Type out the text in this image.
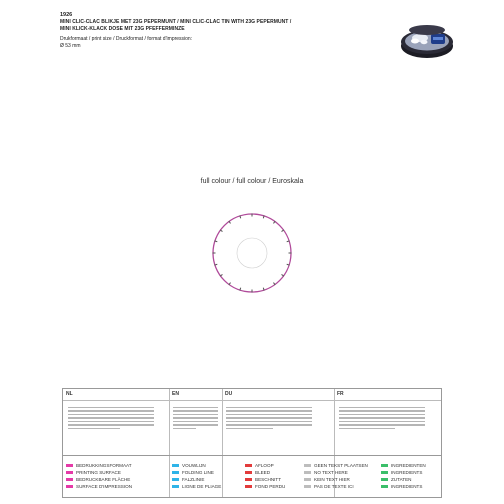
1926
MINI CLIC-CLAC BLIKJE MET 23G PEPERMUNT / MINI CLIC-CLAC TIN WITH 23G PEPERMUNT /
MINI KLICK-KLACK DOSE MIT 23G PFEFFERMINZE
Drukformaat / print size / Druckformat / format d'impression:
Ø 53 mm
full colour / full colour / Euroskala
NL	EN	DU	FR
BEDRUKKINGSFORMAAT
PRINTING SURFACE
BEDRUCKBARE FLÄCHE
SURFACE D'IMPRESSION
VOUWLIJN
FOLDING LINE
FALZLINIE
LIGNE DE PLIAGE
AFLOOP
BLEED
BESCHNITT
FOND PERDU
GEEN TEKST PLAATSEN
NO TEXT HERE
KEIN TEXT HIER
PAS DE TEXTE ICI
INGREDIENTEN
INGREDIENTS
ZUTATEN
INGREDIENTS
